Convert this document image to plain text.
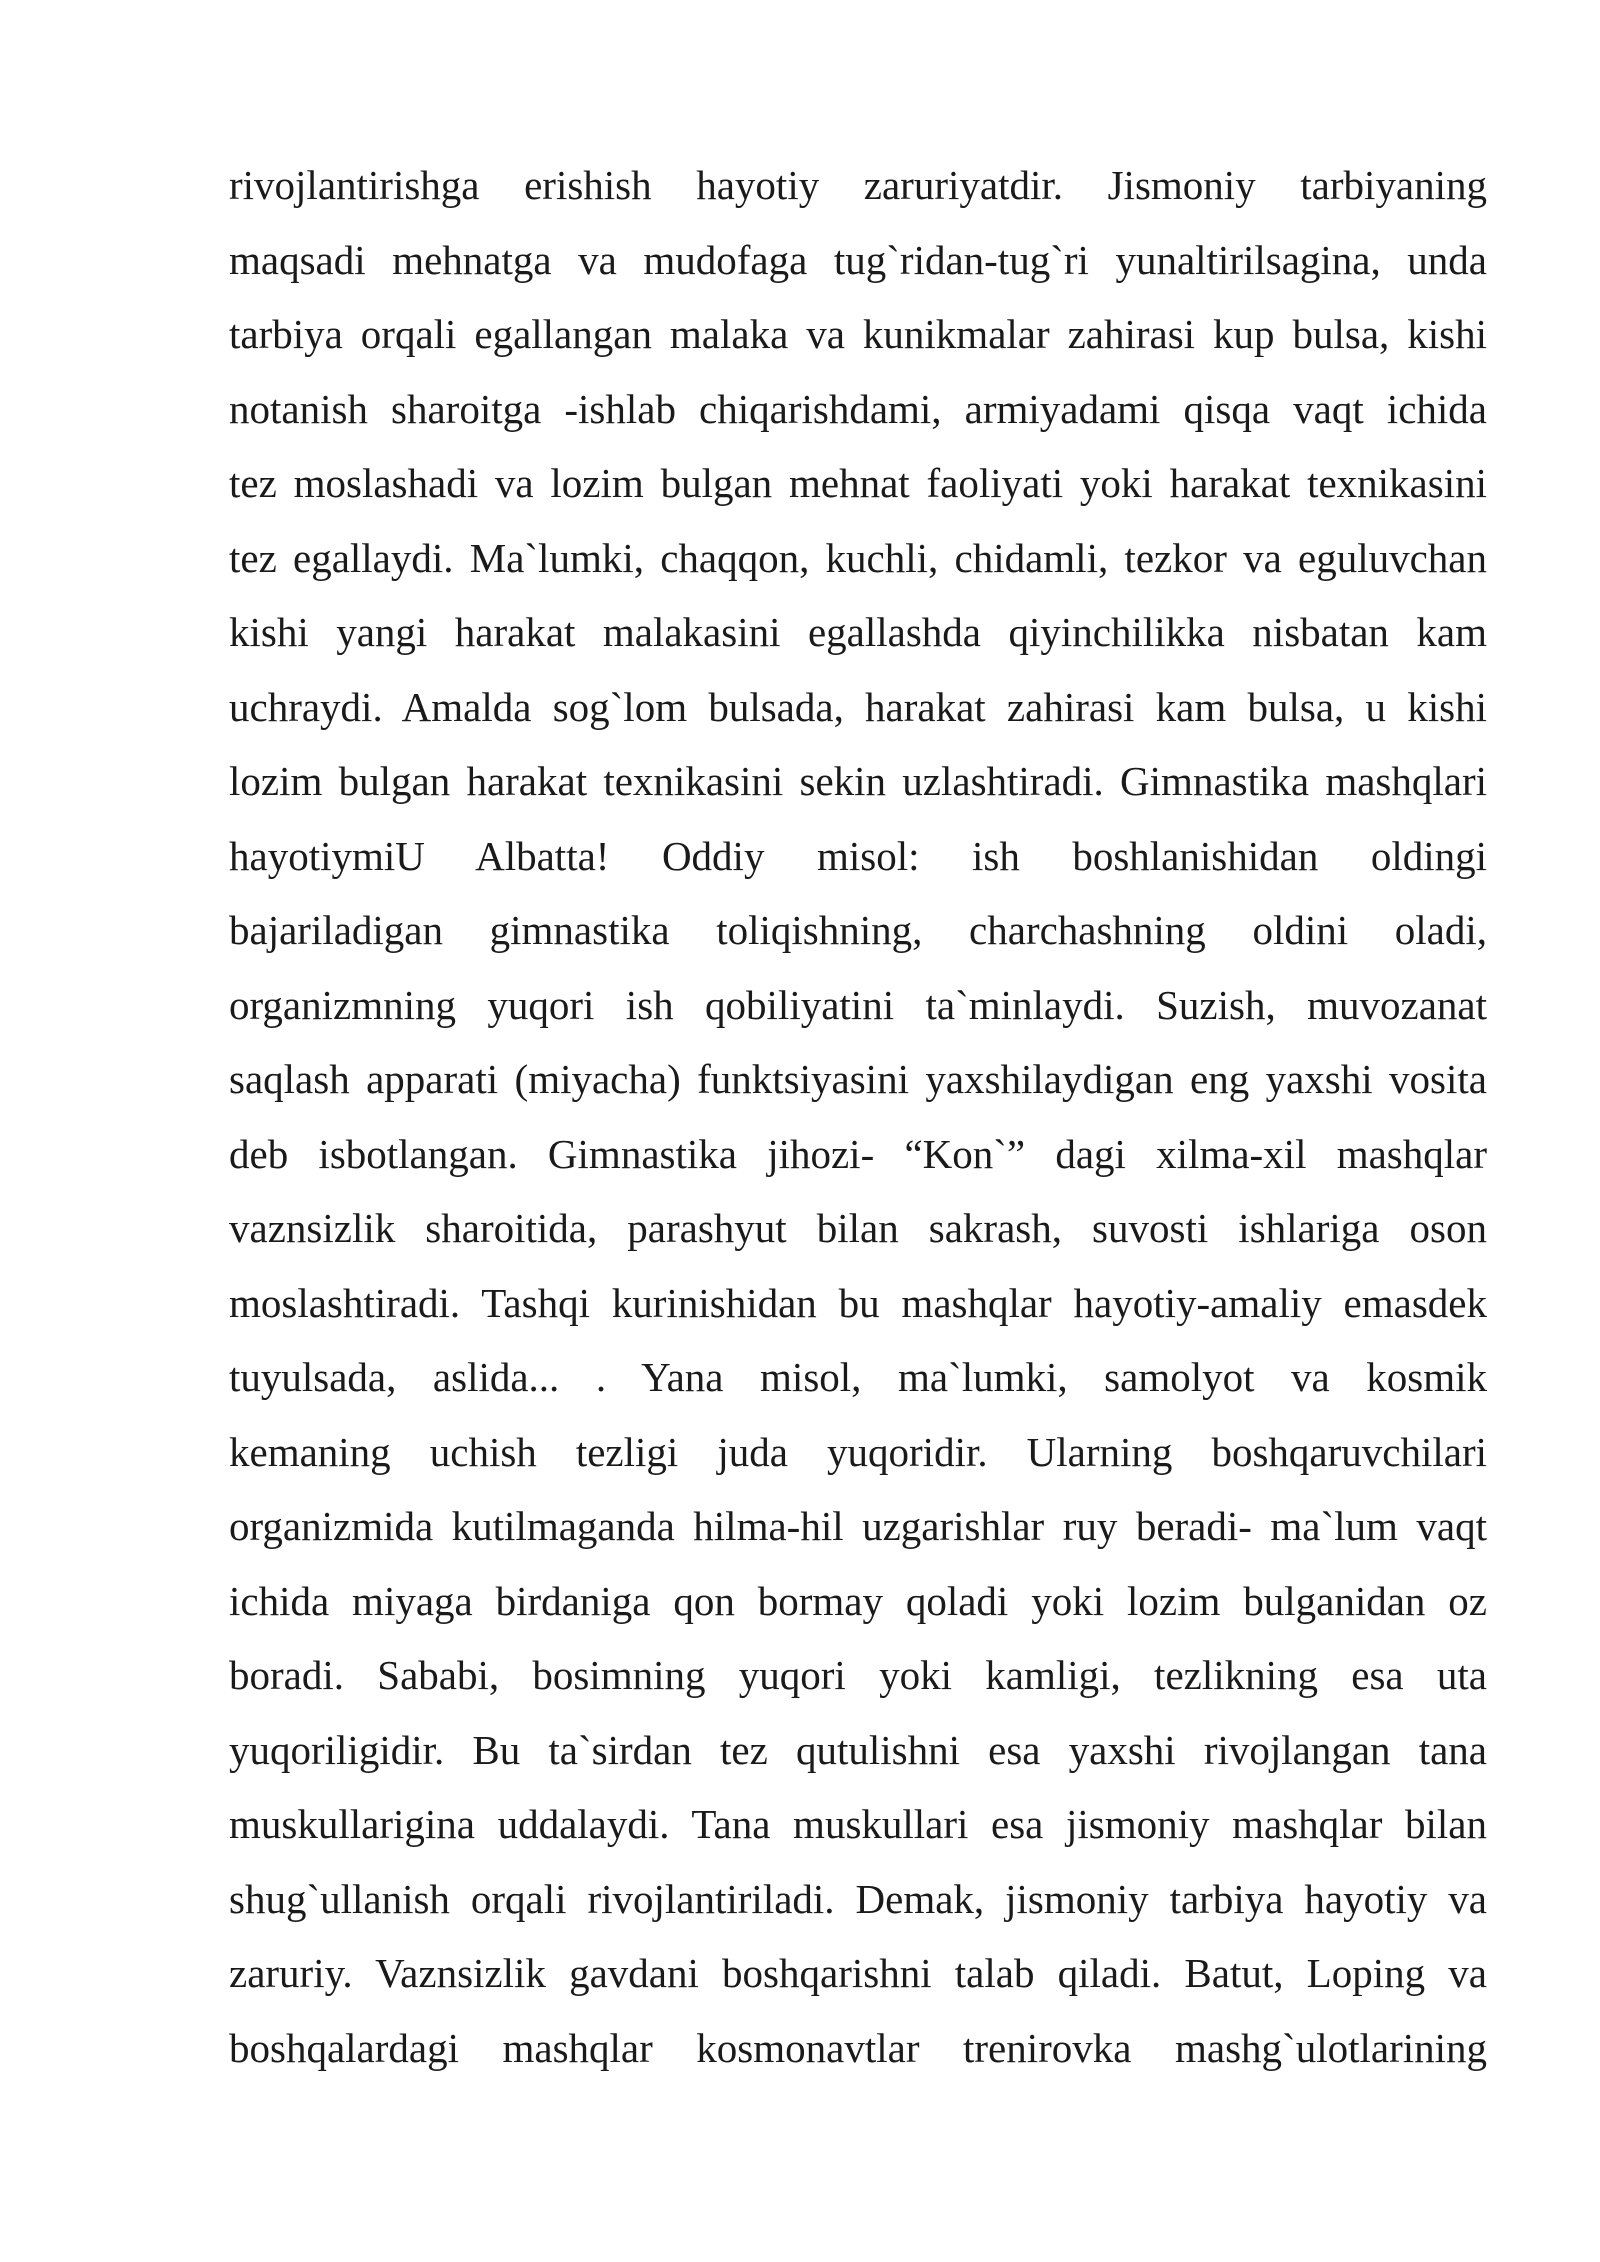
rivojlantirishga erishish hayotiy zaruriyatdir. Jismoniy tarbiyaning
maqsadi mehnatga va mudofaga tug`ridan-tug`ri yunaltirilsagina, unda
tarbiya orqali egallangan malaka va kunikmalar zahirasi kup bulsa, kishi
notanish sharoitga -ishlab chiqarishdami, armiyadami qisqa vaqt ichida
tez moslashadi va lozim bulgan mehnat faoliyati yoki harakat texnikasini
tez egallaydi. Ma`lumki, chaqqon, kuchli, chidamli, tezkor va eguluvchan
kishi yangi harakat malakasini egallashda qiyinchilikka nisbatan kam
uchraydi. Amalda sog`lom bulsada, harakat zahirasi kam bulsa, u kishi
lozim bulgan harakat texnikasini sekin uzlashtiradi. Gimnastika mashqlari
hayotiymiU Albatta! Oddiy misol: ish boshlanishidan oldingi
bajariladigan gimnastika toliqishning, charchashning oldini oladi,
organizmning yuqori ish qobiliyatini ta`minlaydi. Suzish, muvozanat
saqlash apparati (miyacha) funktsiyasini yaxshilaydigan eng yaxshi vosita
deb isbotlangan. Gimnastika jihozi- “Kon`” dagi xilma-xil mashqlar
vaznsizlik sharoitida, parashyut bilan sakrash, suvosti ishlariga oson
moslashtiradi. Tashqi kurinishidan bu mashqlar hayotiy-amaliy emasdek
tuyulsada, aslida... . Yana misol, ma`lumki, samolyot va kosmik
kemaning uchish tezligi juda yuqoridir. Ularning boshqaruvchilari
organizmida kutilmaganda hilma-hil uzgarishlar ruy beradi- ma`lum vaqt
ichida miyaga birdaniga qon bormay qoladi yoki lozim bulganidan oz
boradi. Sababi, bosimning yuqori yoki kamligi, tezlikning esa uta
yuqoriligidir. Bu ta`sirdan tez qutulishni esa yaxshi rivojlangan tana
muskullarigina uddalaydi. Tana muskullari esa jismoniy mashqlar bilan
shug`ullanish orqali rivojlantiriladi. Demak, jismoniy tarbiya hayotiy va
zaruriy. Vaznsizlik gavdani boshqarishni talab qiladi. Batut, Loping va
boshqalardagi mashqlar kosmonavtlar trenirovka mashg`ulotlarining
